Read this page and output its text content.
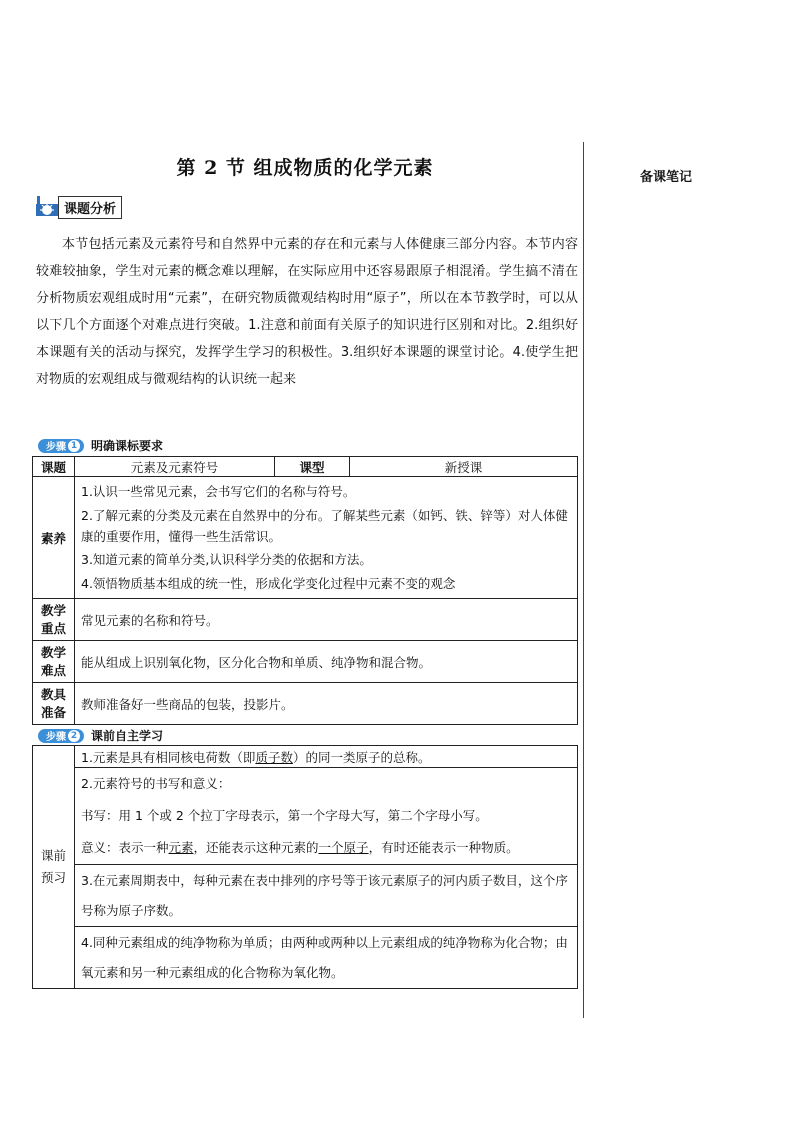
备课笔记
第 2 节 组成物质的化学元素
课题分析
本节包括元素及元素符号和自然界中元素的存在和元素与人体健康三部分内容。本节内容较难较抽象，学生对元素的概念难以理解，在实际应用中还容易跟原子相混淆。学生搞不清在分析物质宏观组成时用“元素”，在研究物质微观结构时用“原子”，所以在本节教学时，可以从以下几个方面逐个对难点进行突破。1.注意和前面有关原子的知识进行区别和对比。2.组织好本课题有关的活动与探究，发挥学生学习的积极性。3.组织好本课题的课堂讨论。4.使学生把对物质的宏观组成与微观结构的认识统一起来
步骤 1 明确课标要求
课题	元素及元素符号	课型	新授课
素养	1.认识一些常见元素，会书写它们的名称与符号。
2.了解元素的分类及元素在自然界中的分布。了解某些元素（如钙、铁、锌等）对人体健康的重要作用，懂得一些生活常识。
3.知道元素的简单分类,认识科学分类的依据和方法。
4.领悟物质基本组成的统一性，形成化学变化过程中元素不变的观念		

教学重点	常见元素的名称和符号。		
教学难点	能从组成上识别氧化物，区分化合物和单质、纯净物和混合物。		
教具准备	教师准备好一些商品的包装，投影片。		
步骤 2 课前自主学习
课前预习	1.元素是具有相同核电荷数（即质子数）的同一类原子的总称。

2.元素符号的书写和意义：
书写：用 1 个或 2 个拉丁字母表示，第一个字母大写，第二个字母小写。
意义：表示一种元素，还能表示这种元素的一个原子，有时还能表示一种物质。

3.在元素周期表中，每种元素在表中排列的序号等于该元素原子的河内质子数目，这个序号称为原子序数。
4.同种元素组成的纯净物称为单质；由两种或两种以上元素组成的纯净物称为化合物；由氧元素和另一种元素组成的化合物称为氧化物。
